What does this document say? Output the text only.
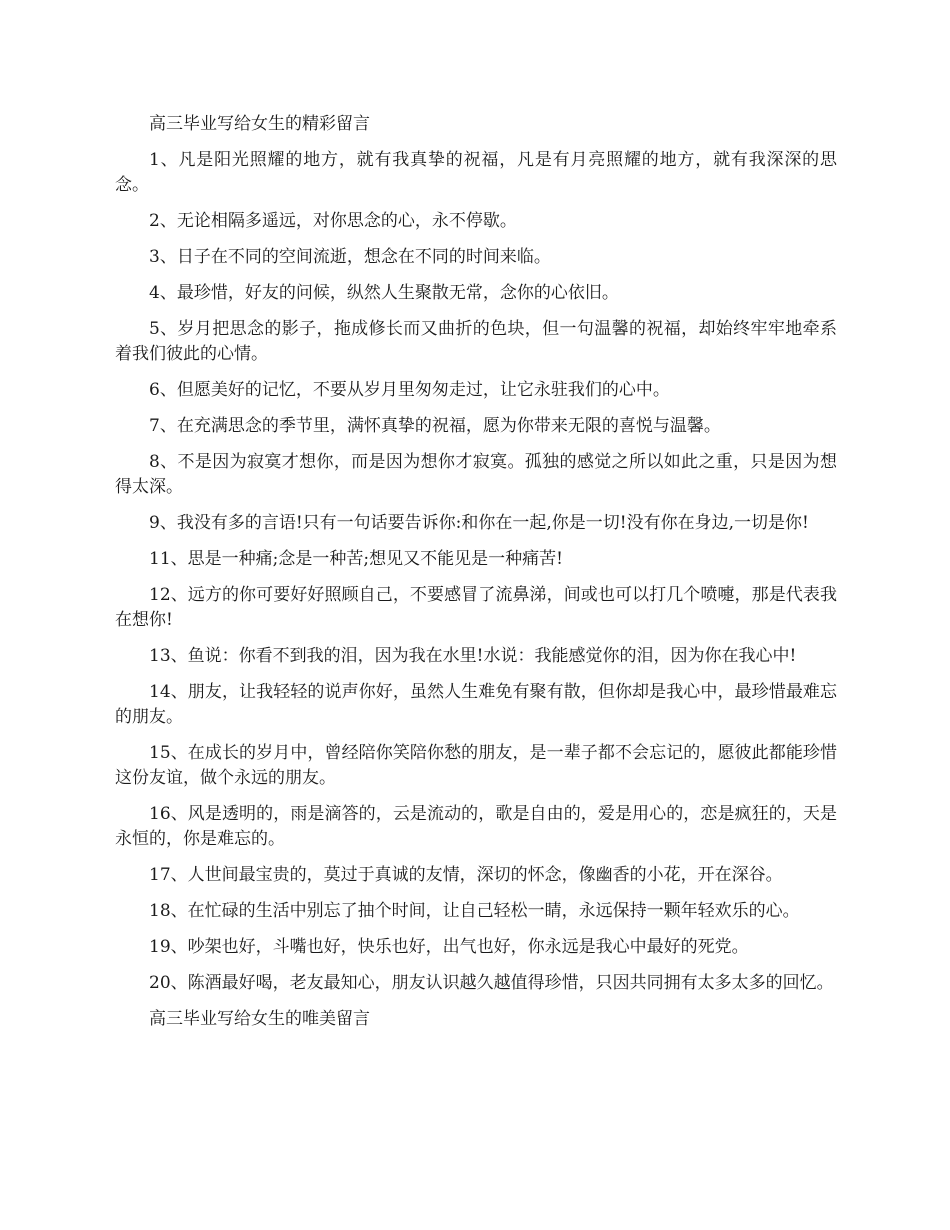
高三毕业写给女生的精彩留言

1、凡是阳光照耀的地方，就有我真挚的祝福，凡是有月亮照耀的地方，就有我深深的思念。

2、无论相隔多遥远，对你思念的心，永不停歇。

3、日子在不同的空间流逝，想念在不同的时间来临。

4、最珍惜，好友的问候，纵然人生聚散无常，念你的心依旧。

5、岁月把思念的影子，拖成修长而又曲折的色块，但一句温馨的祝福，却始终牢牢地牵系着我们彼此的心情。

6、但愿美好的记忆，不要从岁月里匆匆走过，让它永驻我们的心中。

7、在充满思念的季节里，满怀真挚的祝福，愿为你带来无限的喜悦与温馨。

8、不是因为寂寞才想你，而是因为想你才寂寞。孤独的感觉之所以如此之重，只是因为想得太深。

9、我没有多的言语!只有一句话要告诉你:和你在一起,你是一切!没有你在身边,一切是你!

11、思是一种痛;念是一种苦;想见又不能见是一种痛苦!

12、远方的你可要好好照顾自己，不要感冒了流鼻涕，间或也可以打几个喷嚏，那是代表我在想你!

13、鱼说：你看不到我的泪，因为我在水里!水说：我能感觉你的泪，因为你在我心中!

14、朋友，让我轻轻的说声你好，虽然人生难免有聚有散，但你却是我心中，最珍惜最难忘的朋友。

15、在成长的岁月中，曾经陪你笑陪你愁的朋友，是一辈子都不会忘记的，愿彼此都能珍惜这份友谊，做个永远的朋友。

16、风是透明的，雨是滴答的，云是流动的，歌是自由的，爱是用心的，恋是疯狂的，天是永恒的，你是难忘的。

17、人世间最宝贵的，莫过于真诚的友情，深切的怀念，像幽香的小花，开在深谷。

18、在忙碌的生活中别忘了抽个时间，让自己轻松一睛，永远保持一颗年轻欢乐的心。

19、吵架也好，斗嘴也好，快乐也好，出气也好，你永远是我心中最好的死党。

20、陈酒最好喝，老友最知心，朋友认识越久越值得珍惜，只因共同拥有太多太多的回忆。

高三毕业写给女生的唯美留言
